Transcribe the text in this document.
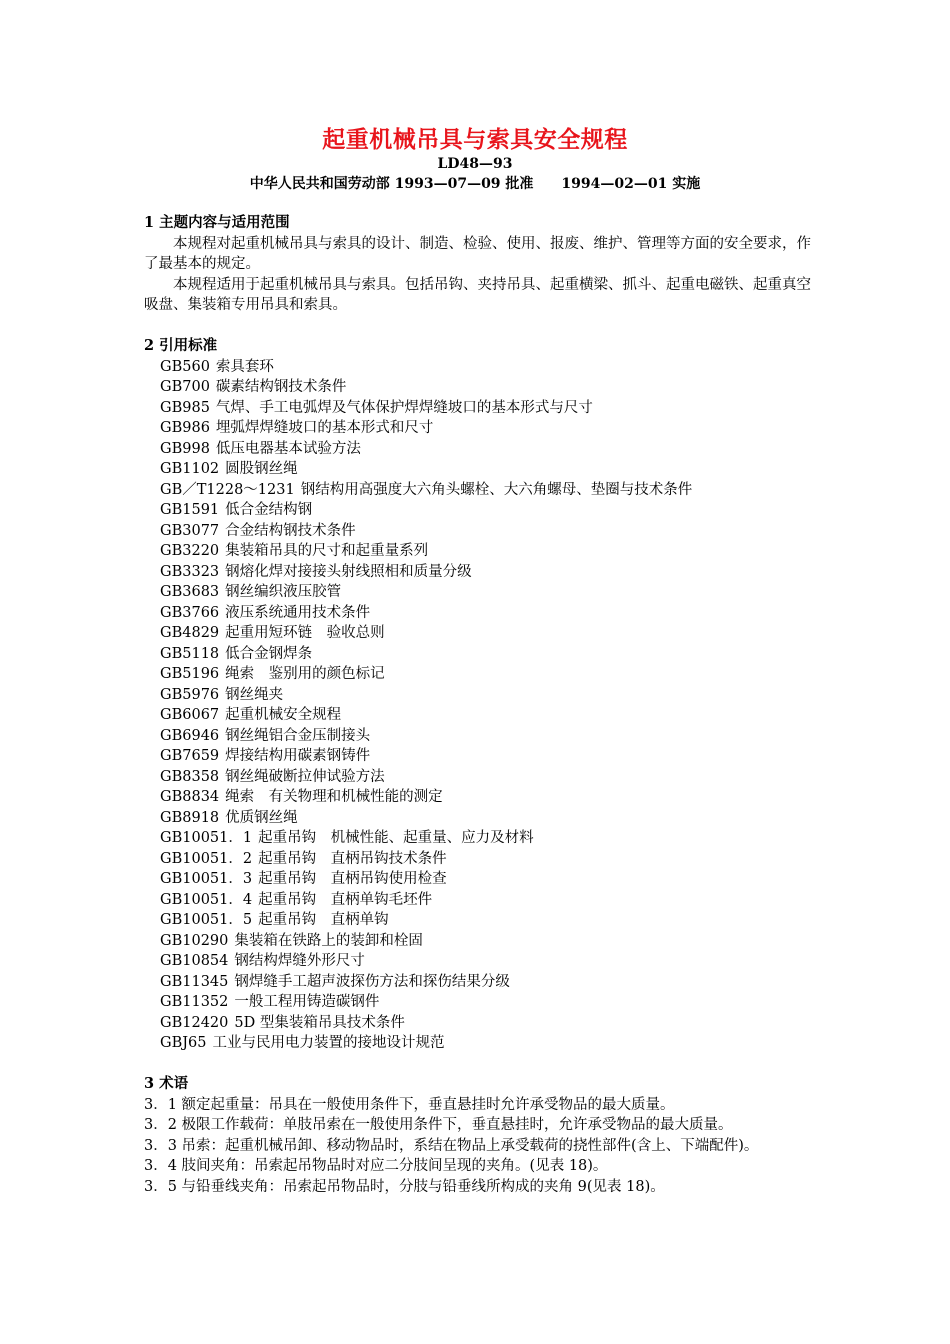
起重机械吊具与索具安全规程
LD48—93
中华人民共和国劳动部 1993—07—09 批准　　1994—02—01 实施

1 主题内容与适用范围

本规程对起重机械吊具与索具的设计、制造、检验、使用、报废、维护、管理等方面的安全要求，作了最基本的规定。

本规程适用于起重机械吊具与索具。包括吊钩、夹持吊具、起重横梁、抓斗、起重电磁铁、起重真空吸盘、集装箱专用吊具和索具。

2 引用标准

GB560 索具套环
GB700 碳素结构钢技术条件
GB985 气焊、手工电弧焊及气体保护焊焊缝坡口的基本形式与尺寸
GB986 埋弧焊焊缝坡口的基本形式和尺寸
GB998 低压电器基本试验方法
GB1102 圆股钢丝绳
GB／T1228～1231 钢结构用高强度大六角头螺栓、大六角螺母、垫圈与技术条件
GB1591 低合金结构钢
GB3077 合金结构钢技术条件
GB3220 集装箱吊具的尺寸和起重量系列
GB3323 钢熔化焊对接接头射线照相和质量分级
GB3683 钢丝编织液压胶管
GB3766 液压系统通用技术条件
GB4829 起重用短环链　验收总则
GB5118 低合金钢焊条
GB5196 绳索　鉴别用的颜色标记
GB5976 钢丝绳夹
GB6067 起重机械安全规程
GB6946 钢丝绳铝合金压制接头
GB7659 焊接结构用碳素钢铸件
GB8358 钢丝绳破断拉伸试验方法
GB8834 绳索　有关物理和机械性能的测定
GB8918 优质钢丝绳
GB10051．1 起重吊钩　机械性能、起重量、应力及材料
GB10051．2 起重吊钩　直柄吊钩技术条件
GB10051．3 起重吊钩　直柄吊钩使用检查
GB10051．4 起重吊钩　直柄单钩毛坯件
GB10051．5 起重吊钩　直柄单钩
GB10290 集装箱在铁路上的装卸和栓固
GB10854 钢结构焊缝外形尺寸
GB11345 钢焊缝手工超声波探伤方法和探伤结果分级
GB11352 一般工程用铸造碳钢件
GB12420 5D 型集装箱吊具技术条件
GBJ65 工业与民用电力装置的接地设计规范

3 术语

3．1 额定起重量：吊具在一般使用条件下，垂直悬挂时允许承受物品的最大质量。

3．2 极限工作载荷：单肢吊索在一般使用条件下，垂直悬挂时，允许承受物品的最大质量。

3．3 吊索：起重机械吊卸、移动物品时，系结在物品上承受载荷的挠性部件(含上、下端配件)。

3．4 肢间夹角：吊索起吊物品时对应二分肢间呈现的夹角。(见表 18)。

3．5 与铅垂线夹角：吊索起吊物品时，分肢与铅垂线所构成的夹角 9(见表 18)。
